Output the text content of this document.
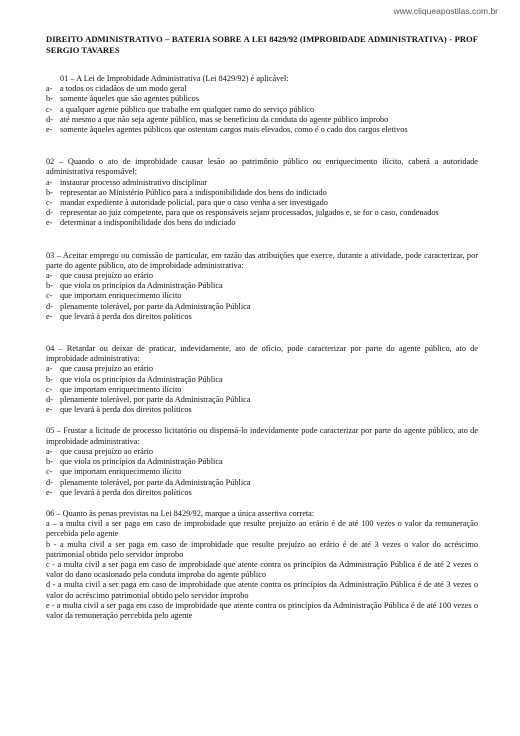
www.cliqueapostilas.com.br
DIREITO ADMINISTRATIVO – BATERIA SOBRE A LEI 8429/92 (IMPROBIDADE ADMINISTRATIVA) - PROF SERGIO TAVARES
01 – A Lei de Improbidade Administrativa (Lei 8429/92) é aplicável:
a- a todos os cidadãos de um modo geral
b- somente àqueles que são agentes públicos
c- a qualquer agente público que trabalhe em qualquer ramo do serviço público
d- até mesmo a que não seja agente público, mas se beneficiou da conduta do agente público ímprobo
e- somente àqueles agentes públicos que ostentam cargos mais elevados, como é o cado dos cargos eletivos
02 – Quando o ato de improbidade causar lesão ao patrimônio público ou enriquecimento ilícito, caberá a autoridade administrativa responsável:
a- instaurar processo administrativo disciplinar
b- representar ao Ministério Público para a indisponibilidade dos bens do indiciado
c- mandar expediente à autoridade policial, para que o caso venha a ser investigado
d- representar ao juiz competente, para que os responsáveis sejam processados, julgados e, se for o caso, condenados
e- determinar a indisponibilidade dos bens do indiciado
03 – Aceitar emprego ou comissão de particular, em razão das atribuições que exerce, durante a atividade, pode caracterizar, por parte do agente público, ato de improbidade administrativa:
a- que causa prejuízo ao erário
b- que viola os princípios da Administração Pública
c- que importam enriquecimento ilícito
d- plenamente tolerável, por parte da Administração Pública
e- que levará à perda dos direitos políticos
04 – Retardar ou deixar de praticar, indevidamente, ato de ofício, pode caracterizar por parte do agente público, ato de improbidade administrativa:
a- que causa prejuízo ao erário
b- que viola os princípios da Administração Pública
c- que importam enriquecimento ilícito
d- plenamente tolerável, por parte da Administração Pública
e- que levará à perda dos direitos políticos
05 – Frustar a licitude de processo licitatório ou dispensá-lo indevidamente pode caracterizar por parte do agente público, ato de improbidade administrativa:
a- que causa prejuízo ao erário
b- que viola os princípios da Administração Pública
c- que importam enriquecimento ilícito
d- plenamente tolerável, por parte da Administração Pública
e- que levará à perda dos direitos políticos
06 – Quanto às penas previstas na Lei 8429/92, marque a única assertiva correta:
a – a multa civil a ser paga em caso de improbidade que resulte prejuízo ao erário é de até 100 vezes o valor da remuneração percebida pelo agente
b - a multa civil a ser paga em caso de improbidade que resulte prejuízo ao erário é de até 3 vezes o valor do acréscimo patrimonial obtido pelo servidor ímprobo
c - a multa civil a ser paga em caso de improbidade que atente contra os princípios da Administração Pública é de até 2 vezes o valor do dano ocasionado pela conduta ímproba do agente público
d - a multa civil a ser paga em caso de improbidade que atente contra os princípios da Administração Pública é de até 3 vezes o valor do acréscimo patrimonial obtido pelo servidor ímprobo
e - a multa civil a ser paga em caso de improbidade que atente contra os princípios da Administração Pública é de até 100 vezes o valor da remuneração percebida pelo agente
